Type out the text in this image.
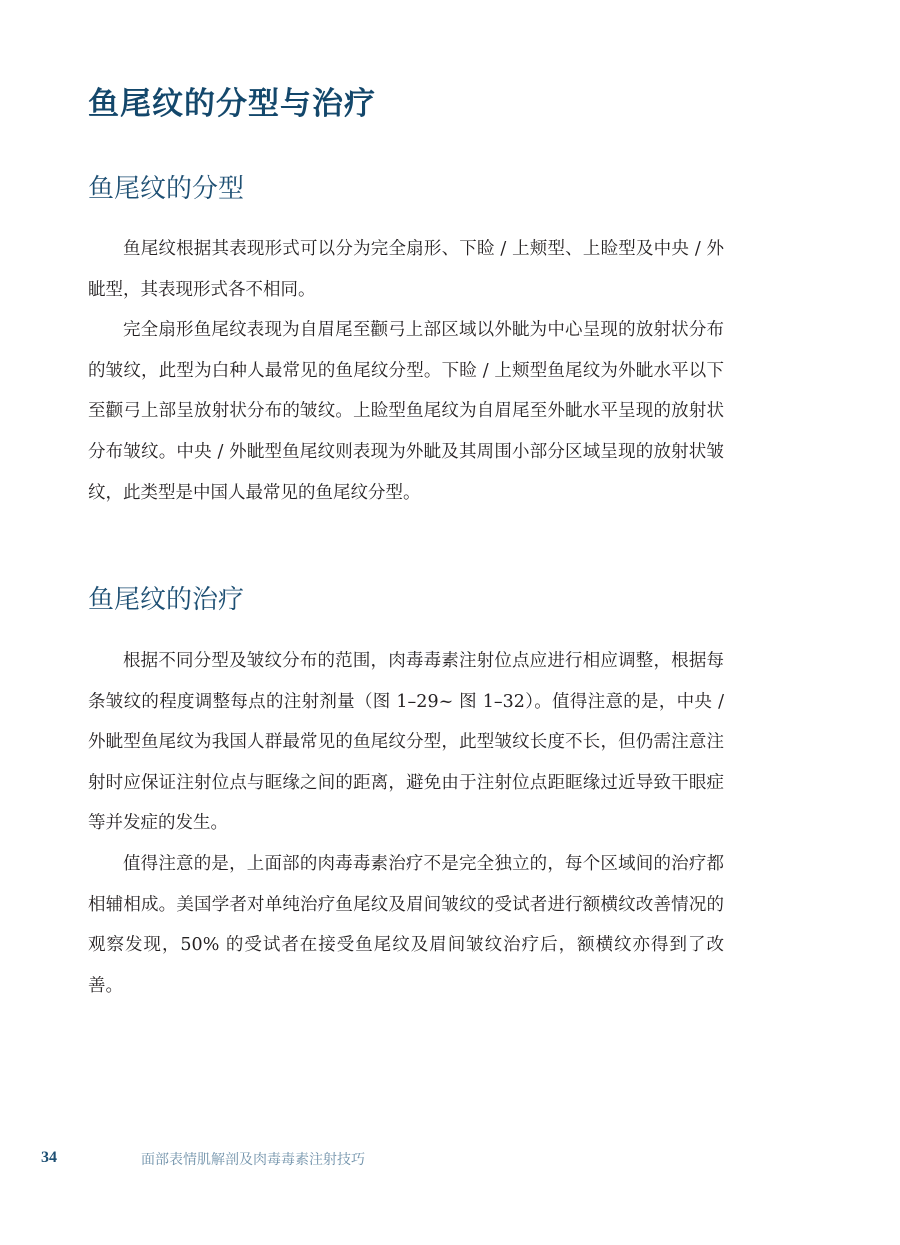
鱼尾纹的分型与治疗
鱼尾纹的分型

鱼尾纹根据其表现形式可以分为完全扇形、下睑 / 上颊型、上睑型及中央 / 外眦型，其表现形式各不相同。

完全扇形鱼尾纹表现为自眉尾至颧弓上部区域以外眦为中心呈现的放射状分布的皱纹，此型为白种人最常见的鱼尾纹分型。下睑 / 上颊型鱼尾纹为外眦水平以下至颧弓上部呈放射状分布的皱纹。上睑型鱼尾纹为自眉尾至外眦水平呈现的放射状分布皱纹。中央 / 外眦型鱼尾纹则表现为外眦及其周围小部分区域呈现的放射状皱纹，此类型是中国人最常见的鱼尾纹分型。

鱼尾纹的治疗

根据不同分型及皱纹分布的范围，肉毒毒素注射位点应进行相应调整，根据每条皱纹的程度调整每点的注射剂量（图 1–29~ 图 1–32）。值得注意的是，中央 / 外眦型鱼尾纹为我国人群最常见的鱼尾纹分型，此型皱纹长度不长，但仍需注意注射时应保证注射位点与眶缘之间的距离，避免由于注射位点距眶缘过近导致干眼症等并发症的发生。

值得注意的是，上面部的肉毒毒素治疗不是完全独立的，每个区域间的治疗都相辅相成。美国学者对单纯治疗鱼尾纹及眉间皱纹的受试者进行额横纹改善情况的观察发现，50% 的受试者在接受鱼尾纹及眉间皱纹治疗后，额横纹亦得到了改善。

34	面部表情肌解剖及肉毒毒素注射技巧
